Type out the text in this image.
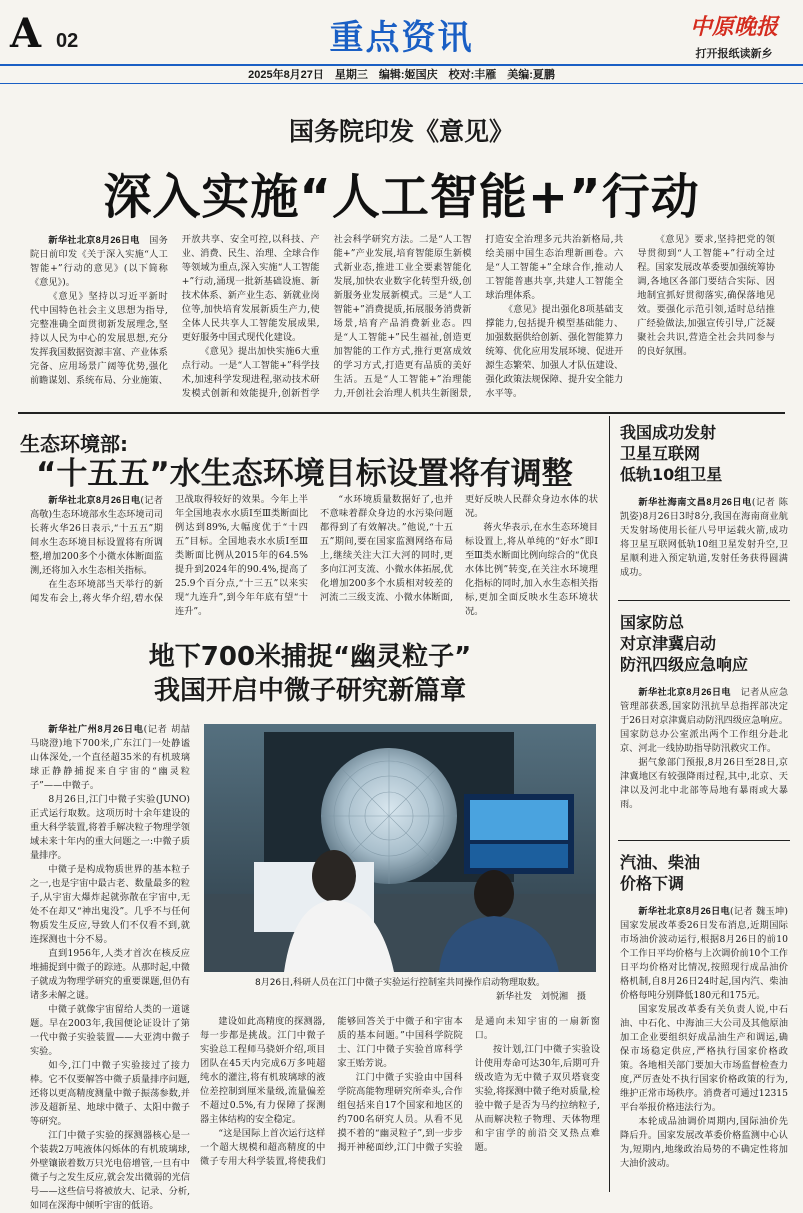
A 02	重点资讯	中原晚报
打开报纸读新乡
2025年8月27日　星期三　编辑:姬国庆　校对:丰雁　美编:夏鹏
国务院印发《意见》
深入实施“人工智能+”行动

新华社北京8月26日电　 国务院日前印发《关于深入实施“人工智能+”行动的意见》(以下简称《意见》)。

《意见》坚持以习近平新时代中国特色社会主义思想为指导,完整准确全面贯彻新发展理念,坚持以人民为中心的发展思想,充分发挥我国数据资源丰富、产业体系完备、应用场景广阔等优势,强化前瞻谋划、系统布局、分业施策、开放共享、安全可控,以科技、产业、消费、民生、治理、全球合作等领域为重点,深入实施“人工智能+”行动,涌现一批新基础设施、新技术体系、新产业生态、新就业岗位等,加快培育发展新质生产力,使全体人民共享人工智能发展成果,更好服务中国式现代化建设。

《意见》提出加快实施6大重点行动。一是“人工智能+”科学技术,加速科学发现进程,驱动技术研发模式创新和效能提升,创新哲学社会科学研究方法。二是“人工智能+”产业发展,培育智能原生新模式新业态,推进工业全要素智能化发展,加快农业数字化转型升级,创新服务业发展新模式。三是“人工智能+”消费提质,拓展服务消费新场景,培育产品消费新业态。四是“人工智能+”民生福祉,创造更加智能的工作方式,推行更富成效的学习方式,打造更有品质的美好生活。五是“人工智能+”治理能力,开创社会治理人机共生新图景,打造安全治理多元共治新格局,共绘美丽中国生态治理新画卷。六是“人工智能+”全球合作,推动人工智能普惠共享,共建人工智能全球治理体系。

《意见》提出强化8项基础支撑能力,包括提升模型基础能力、加强数据供给创新、强化智能算力统筹、优化应用发展环境、促进开源生态繁荣、加强人才队伍建设、强化政策法规保障、提升安全能力水平等。

《意见》要求,坚持把党的领导贯彻到“人工智能+”行动全过程。国家发展改革委要加强统筹协调,各地区各部门要结合实际、因地制宜抓好贯彻落实,确保落地见效。要强化示范引领,适时总结推广经验做法,加强宣传引导,广泛凝聚社会共识,营造全社会共同参与的良好氛围。

生态环境部:
“十五五”水生态环境目标设置将有调整

新华社北京8月26日电(记者 高敬)生态环境部水生态环境司司长蒋火华26日表示,“十五五”期间水生态环境目标设置将有所调整,增加200多个小微水体断面监测,还将加入水生态相关指标。

在生态环境部当天举行的新闻发布会上,蒋火华介绍,碧水保卫战取得较好的效果。今年上半年全国地表水水质Ⅰ至Ⅲ类断面比例达到89%,大幅度优于“十四五”目标。全国地表水水质Ⅰ至Ⅲ类断面比例从2015年的64.5%提升到2024年的90.4%,提高了25.9个百分点,“十三五”以来实现“九连升”,到今年年底有望“十连升”。

“水环境质量数据好了,也并不意味着群众身边的水污染问题都得到了有效解决。”他说,“十五五”期间,要在国家监测网络布局上,继续关注大江大河的同时,更多向江河支流、小微水体拓展,优化增加200多个水质相对较差的河流二三级支流、小微水体断面,更好反映人民群众身边水体的状况。

蒋火华表示,在水生态环境目标设置上,将从单纯的“好水”即Ⅰ至Ⅲ类水断面比例向综合的“优良水体比例”转变,在关注水环境理化指标的同时,加入水生态相关指标,更加全面反映水生态环境状况。

地下700米捕捉“幽灵粒子”
我国开启中微子研究新篇章

新华社广州8月26日电(记者 胡喆 马晓澄)地下700米,广东江门一处静谧山体深处,一个直径超35米的有机玻璃球正静静捕捉来自宇宙的“幽灵粒子”——中微子。

8月26日,江门中微子实验(JUNO)正式运行取数。这项历时十余年建设的重大科学装置,将着手解决粒子物理学领域未来十年内的重大问题之一:中微子质量排序。

中微子是构成物质世界的基本粒子之一,也是宇宙中最古老、数量最多的粒子,从宇宙大爆炸起就弥散在宇宙中,无处不在却又“神出鬼没”。几乎不与任何物质发生反应,导致人们不仅看不到,就连探测也十分不易。

直到1956年,人类才首次在核反应堆捕捉到中微子的踪迹。从那时起,中微子就成为物理学研究的重要课题,但仍有诸多未解之谜。

中微子就像宇宙留给人类的一道谜题。早在2003年,我国便论证设计了第一代中微子实验装置——大亚湾中微子实验。

如今,江门中微子实验接过了接力棒。它不仅要解答中微子质量排序问题,还将以更高精度测量中微子振荡参数,并涉及超新星、地球中微子、太阳中微子等研究。

江门中微子实验的探测器核心是一个装载2万吨液体闪烁体的有机玻璃球,外壁镶嵌着数万只光电倍增管,一旦有中微子与之发生反应,就会发出微弱的光信号——这些信号将被放大、记录、分析,如同在深海中倾听宇宙的低语。

8月26日,科研人员在江门中微子实验运行控制室共同操作启动物理取数。
新华社发　刘悦湘　摄

建设如此高精度的探测器,每一步都是挑战。江门中微子实验总工程师马骁妍介绍,项目团队在45天内完成6万多吨超纯水的灌注,将有机玻璃球的液位差控制到厘米量级,流量偏差不超过0.5%,有力保障了探测器主体结构的安全稳定。

“这是国际上首次运行这样一个超大规模和超高精度的中微子专用大科学装置,将使我们能够回答关于中微子和宇宙本质的基本问题。”中国科学院院士、江门中微子实验首席科学家王贻芳说。

江门中微子实验由中国科学院高能物理研究所牵头,合作组包括来自17个国家和地区的约700名研究人员。从看不见摸不着的“幽灵粒子”,到一步步揭开神秘面纱,江门中微子实验是通向未知宇宙的一扇新窗口。

按计划,江门中微子实验设计使用寿命可达30年,后期可升级改造为无中微子双贝塔衰变实验,将探测中微子绝对质量,检验中微子是否为马约拉纳粒子,从而解决粒子物理、天体物理和宇宙学的前沿交叉热点难题。

我国成功发射
卫星互联网
低轨10组卫星

新华社海南文昌8月26日电(记者 陈凯姿)8月26日3时8分,我国在海南商业航天发射场使用长征八号甲运载火箭,成功将卫星互联网低轨10组卫星发射升空,卫星顺利进入预定轨道,发射任务获得圆满成功。

国家防总
对京津冀启动
防汛四级应急响应

新华社北京8月26日电　 记者从应急管理部获悉,国家防汛抗旱总指挥部决定于26日对京津冀启动防汛四级应急响应。国家防总办公室派出两个工作组分赴北京、河北一线协助指导防汛救灾工作。

据气象部门预报,8月26日至28日,京津冀地区有较强降雨过程,其中,北京、天津以及河北中北部等局地有暴雨或大暴雨。

汽油、柴油
价格下调

新华社北京8月26日电(记者 魏玉坤)国家发展改革委26日发布消息,近期国际市场油价波动运行,根据8月26日的前10个工作日平均价格与上次调价前10个工作日平均价格对比情况,按照现行成品油价格机制,自8月26日24时起,国内汽、柴油价格每吨分别降低180元和175元。

国家发展改革委有关负责人说,中石油、中石化、中海油三大公司及其他原油加工企业要组织好成品油生产和调运,确保市场稳定供应,严格执行国家价格政策。各地相关部门要加大市场监督检查力度,严厉查处不执行国家价格政策的行为,维护正常市场秩序。消费者可通过12315平台举报价格违法行为。

本轮成品油调价周期内,国际油价先降后升。国家发展改革委价格监测中心认为,短期内,地缘政治局势的不确定性将加大油价波动。
